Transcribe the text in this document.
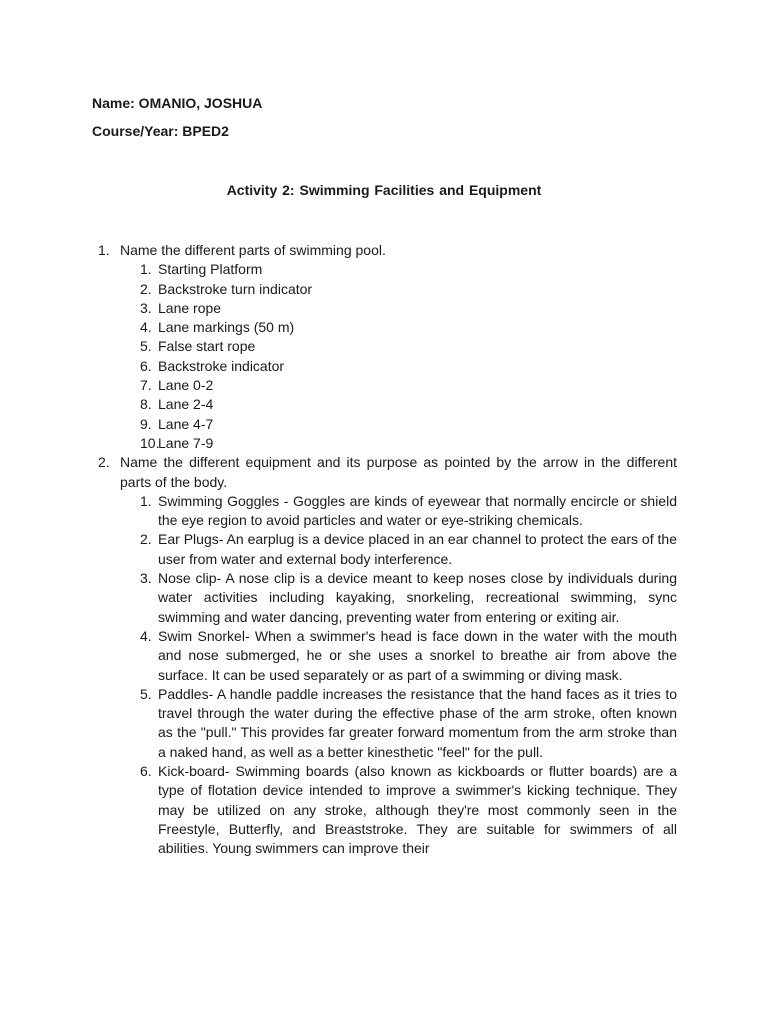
Name: OMANIO, JOSHUA
Course/Year: BPED2
Activity 2: Swimming Facilities and Equipment
1. Name the different parts of swimming pool.
1. Starting Platform
2. Backstroke turn indicator
3. Lane rope
4. Lane markings (50 m)
5. False start rope
6. Backstroke indicator
7. Lane 0-2
8. Lane 2-4
9. Lane 4-7
10.
Lane 7-9
2. Name the different equipment and its purpose as pointed by the arrow in the different parts of the body.
1. Swimming Goggles - Goggles are kinds of eyewear that normally encircle or shield the eye region to avoid particles and water or eye-striking chemicals.
2. Ear Plugs- An earplug is a device placed in an ear channel to protect the ears of the user from water and external body interference.
3. Nose clip- A nose clip is a device meant to keep noses close by individuals during water activities including kayaking, snorkeling, recreational swimming, sync swimming and water dancing, preventing water from entering or exiting air.
4. Swim Snorkel- When a swimmer's head is face down in the water with the mouth and nose submerged, he or she uses a snorkel to breathe air from above the surface. It can be used separately or as part of a swimming or diving mask.
5. Paddles- A handle paddle increases the resistance that the hand faces as it tries to travel through the water during the effective phase of the arm stroke, often known as the "pull." This provides far greater forward momentum from the arm stroke than a naked hand, as well as a better kinesthetic "feel" for the pull.
6. Kick-board- Swimming boards (also known as kickboards or flutter boards) are a type of flotation device intended to improve a swimmer's kicking technique. They may be utilized on any stroke, although they're most commonly seen in the Freestyle, Butterfly, and Breaststroke. They are suitable for swimmers of all abilities. Young swimmers can improve their
